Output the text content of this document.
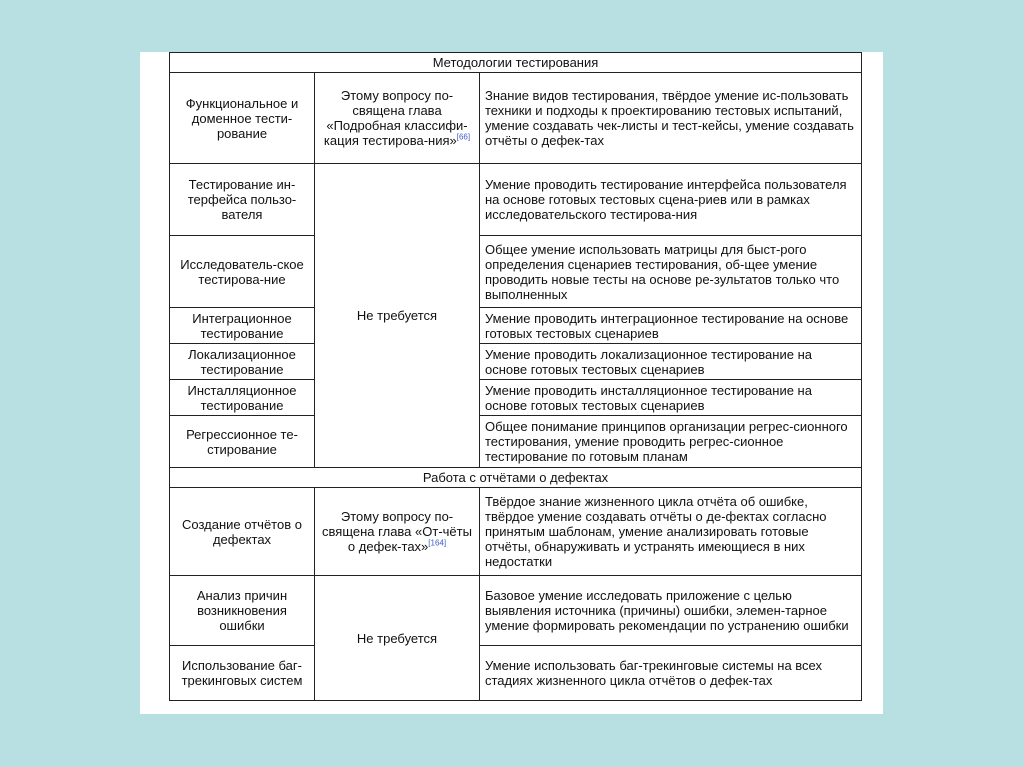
Методологии тестирования		
Функциональное и доменное тести-рование	Этому вопросу по-священа глава «Подробная классифи-кация тестирова-ния»[66]	Знание видов тестирования, твёрдое умение ис-пользовать техники и подходы к проектированию тестовых испытаний, умение создавать чек-листы и тест-кейсы, умение создавать отчёты о дефек-тах
Тестирование ин-терфейса пользо-вателя	Не требуется	Умение проводить тестирование интерфейса пользователя на основе готовых тестовых сцена-риев или в рамках исследовательского тестирова-ния
Исследователь-ское тестирова-ние		Общее умение использовать матрицы для быст-рого определения сценариев тестирования, об-щее умение проводить новые тесты на основе ре-зультатов только что выполненных
Интеграционное тестирование		Умение проводить интеграционное тестирование на основе готовых тестовых сценариев
Локализационное тестирование		Умение проводить локализационное тестирование на основе готовых тестовых сценариев
Инсталляционное тестирование		Умение проводить инсталляционное тестирование на основе готовых тестовых сценариев
Регрессионное те-стирование		Общее понимание принципов организации регрес-сионного тестирования, умение проводить регрес-сионное тестирование по готовым планам
Работа с отчётами о дефектах		
Создание отчётов о дефектах	Этому вопросу по-священа глава «От-чёты о дефек-тах»[164]	Твёрдое знание жизненного цикла отчёта об ошибке, твёрдое умение создавать отчёты о де-фектах согласно принятым шаблонам, умение анализировать готовые отчёты, обнаруживать и устранять имеющиеся в них недостатки
Анализ причин возникновения ошибки	Не требуется	Базовое умение исследовать приложение с целью выявления источника (причины) ошибки, элемен-тарное умение формировать рекомендации по устранению ошибки
Использование баг-трекинговых систем		Умение использовать баг-трекинговые системы на всех стадиях жизненного цикла отчётов о дефек-тах
